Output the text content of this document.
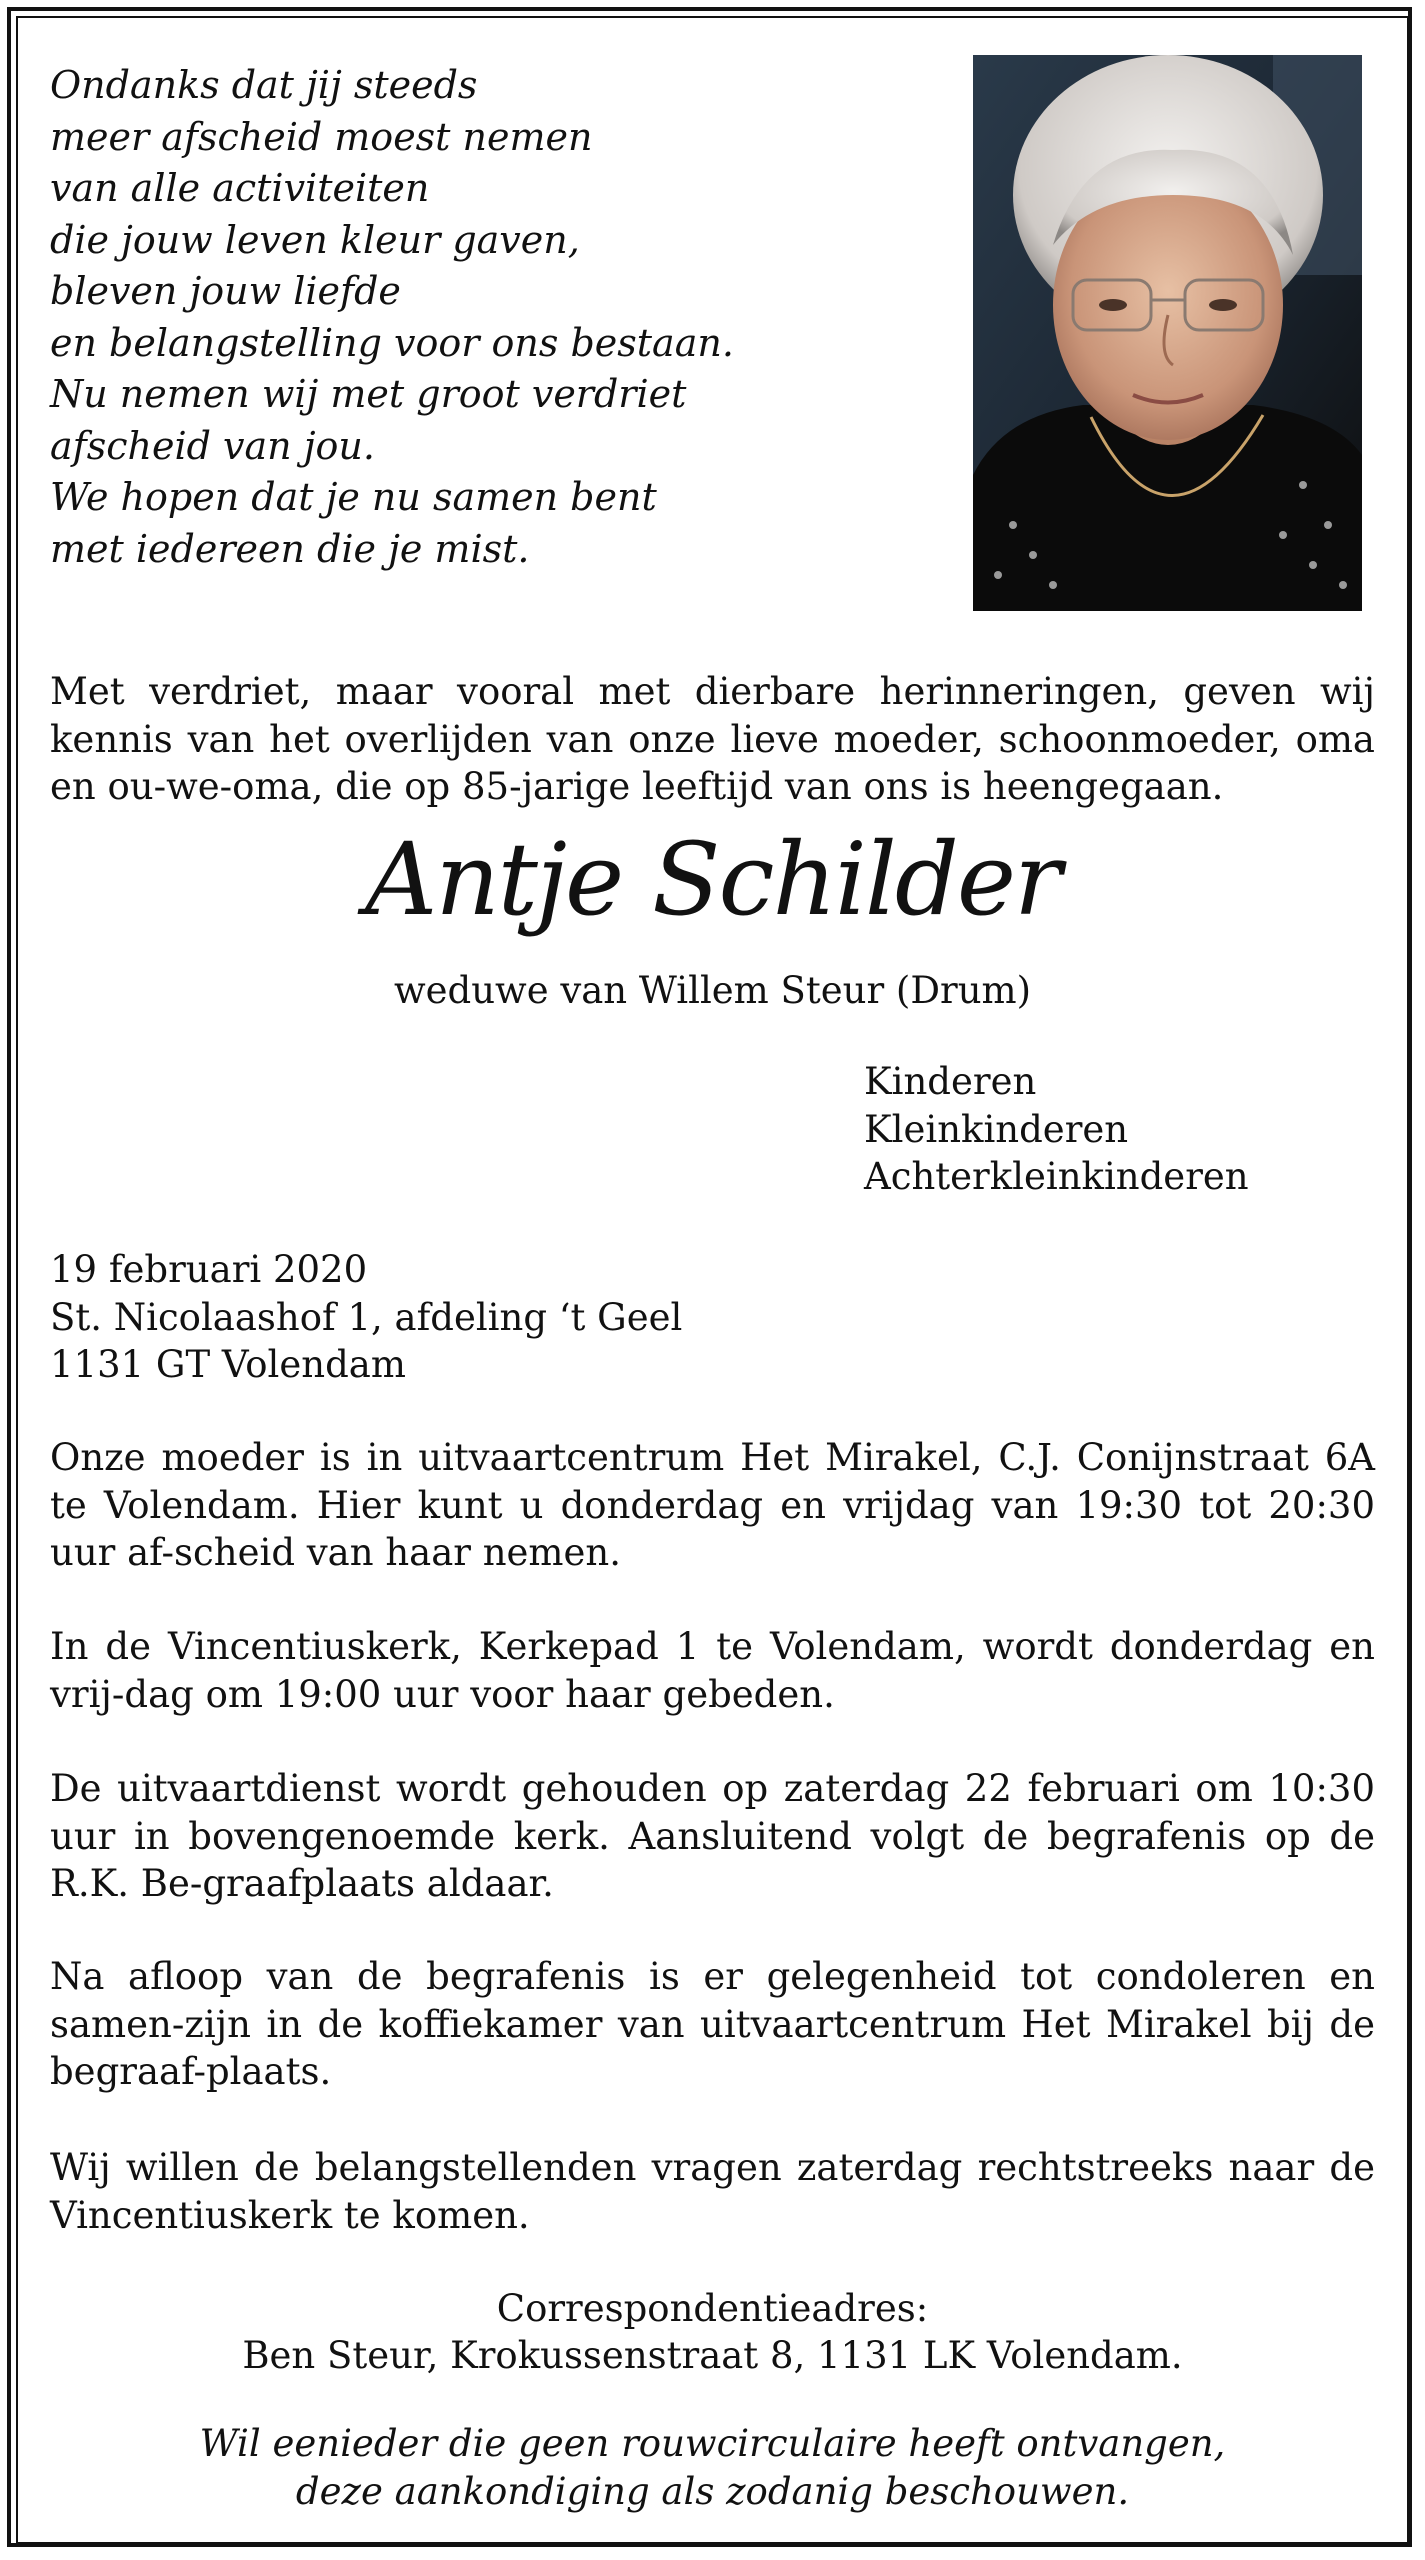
Ondanks dat jij steeds
meer afscheid moest nemen
van alle activiteiten
die jouw leven kleur gaven,
bleven jouw liefde
en belangstelling voor ons bestaan.
Nu nemen wij met groot verdriet
afscheid van jou.
We hopen dat je nu samen bent
met iedereen die je mist.

Met verdriet, maar vooral met dierbare herinneringen, geven wij kennis van het overlijden van onze lieve moeder, schoonmoeder, oma en ou-we-oma, die op 85-jarige leeftijd van ons is heengegaan.

Antje Schilder
weduwe van Willem Steur (Drum)
Kinderen
Kleinkinderen
Achterkleinkinderen
19 februari 2020
St. Nicolaashof 1, afdeling ‘t Geel
1131 GT Volendam

Onze moeder is in uitvaartcentrum Het Mirakel, C.J. Conijnstraat 6A te Volendam. Hier kunt u donderdag en vrijdag van 19:30 tot 20:30 uur af-scheid van haar nemen.

In de Vincentiuskerk, Kerkepad 1 te Volendam, wordt donderdag en vrij-dag om 19:00 uur voor haar gebeden.

De uitvaartdienst wordt gehouden op zaterdag 22 februari om 10:30 uur in bovengenoemde kerk. Aansluitend volgt de begrafenis op de R.K. Be-graafplaats aldaar.

Na afloop van de begrafenis is er gelegenheid tot condoleren en samen-zijn in de koffiekamer van uitvaartcentrum Het Mirakel bij de begraaf-plaats.

Wij willen de belangstellenden vragen zaterdag rechtstreeks naar de Vincentiuskerk te komen.

Correspondentieadres:
Ben Steur, Krokussenstraat 8, 1131 LK Volendam.
Wil eenieder die geen rouwcirculaire heeft ontvangen,
deze aankondiging als zodanig beschouwen.
